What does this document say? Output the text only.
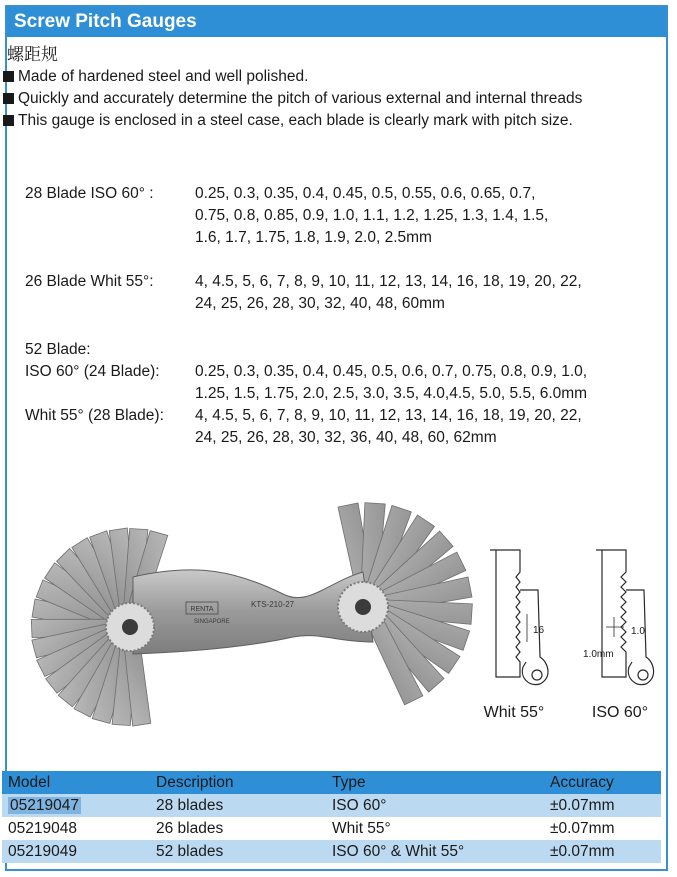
Screw Pitch Gauges
螺距规
Made of hardened steel and well polished.
Quickly and accurately determine the pitch of various external and internal threads
This gauge is enclosed in a steel case, each blade is clearly mark with pitch size.
28 Blade ISO 60° :	0.25, 0.3, 0.35, 0.4, 0.45, 0.5, 0.55, 0.6, 0.65, 0.7,
0.75, 0.8, 0.85, 0.9, 1.0, 1.1, 1.2, 1.25, 1.3, 1.4, 1.5,
1.6, 1.7, 1.75, 1.8, 1.9, 2.0, 2.5mm
26 Blade Whit 55°:	4, 4.5, 5, 6, 7, 8, 9, 10, 11, 12, 13, 14, 16, 18, 19, 20, 22,
24, 25, 26, 28, 30, 32, 40, 48, 60mm
52 Blade:
ISO 60° (24 Blade): 0.25, 0.3, 0.35, 0.4, 0.45, 0.5, 0.6, 0.7, 0.75, 0.8, 0.9, 1.0,
1.25, 1.5, 1.75, 2.0, 2.5, 3.0, 3.5, 4.0,4.5, 5.0, 5.5, 6.0mm
Whit 55° (28 Blade): 4, 4.5, 5, 6, 7, 8, 9, 10, 11, 12, 13, 14, 16, 18, 19, 20, 22,
24, 25, 26, 28, 30, 32, 36, 40, 48, 60, 62mm
RENTA
KTS-210-27
SINGAPORE
16
Whit 55°
1.0
1.0mm
ISO 60°
Model	Description	Type	Accuracy
05219047	28 blades	ISO 60°	±0.07mm
05219048	26 blades	Whit 55°	±0.07mm
05219049	52 blades	ISO 60° & Whit 55°	±0.07mm
